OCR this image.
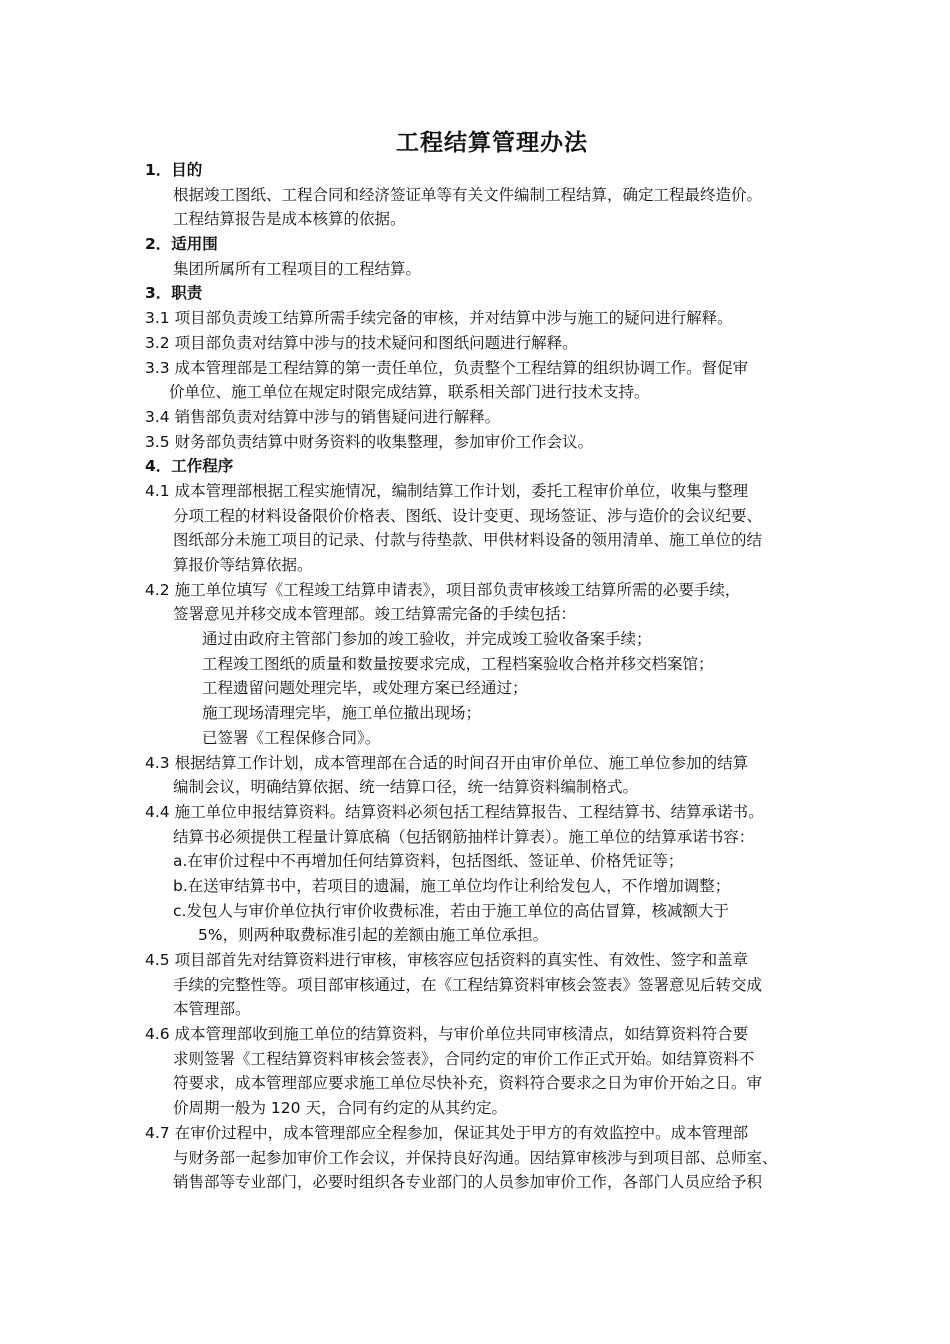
工程结算管理办法
1．目的
根据竣工图纸、工程合同和经济签证单等有关文件编制工程结算，确定工程最终造价。
工程结算报告是成本核算的依据。
2．适用围
集团所属所有工程项目的工程结算。
3．职责
3.1 项目部负责竣工结算所需手续完备的审核，并对结算中涉与施工的疑问进行解释。
3.2 项目部负责对结算中涉与的技术疑问和图纸问题进行解释。
3.3 成本管理部是工程结算的第一责任单位，负责整个工程结算的组织协调工作。督促审
价单位、施工单位在规定时限完成结算，联系相关部门进行技术支持。
3.4 销售部负责对结算中涉与的销售疑问进行解释。
3.5 财务部负责结算中财务资料的收集整理，参加审价工作会议。
4．工作程序
4.1 成本管理部根据工程实施情况，编制结算工作计划，委托工程审价单位，收集与整理
分项工程的材料设备限价价格表、图纸、设计变更、现场签证、涉与造价的会议纪要、
图纸部分未施工项目的记录、付款与待垫款、甲供材料设备的领用清单、施工单位的结
算报价等结算依据。
4.2 施工单位填写《工程竣工结算申请表》，项目部负责审核竣工结算所需的必要手续，
签署意见并移交成本管理部。竣工结算需完备的手续包括：
通过由政府主管部门参加的竣工验收，并完成竣工验收备案手续；
工程竣工图纸的质量和数量按要求完成，工程档案验收合格并移交档案馆；
工程遗留问题处理完毕，或处理方案已经通过；
施工现场清理完毕，施工单位撤出现场；
已签署《工程保修合同》。
4.3 根据结算工作计划，成本管理部在合适的时间召开由审价单位、施工单位参加的结算
编制会议，明确结算依据、统一结算口径，统一结算资料编制格式。
4.4 施工单位申报结算资料。结算资料必须包括工程结算报告、工程结算书、结算承诺书。
结算书必须提供工程量计算底稿（包括钢筋抽样计算表）。施工单位的结算承诺书容：
a.在审价过程中不再增加任何结算资料，包括图纸、签证单、价格凭证等；
b.在送审结算书中，若项目的遗漏，施工单位均作让利给发包人，不作增加调整；
c.发包人与审价单位执行审价收费标准，若由于施工单位的高估冒算，核减额大于
5%，则两种取费标准引起的差额由施工单位承担。
4.5 项目部首先对结算资料进行审核，审核容应包括资料的真实性、有效性、签字和盖章
手续的完整性等。项目部审核通过，在《工程结算资料审核会签表》签署意见后转交成
本管理部。
4.6 成本管理部收到施工单位的结算资料，与审价单位共同审核清点，如结算资料符合要
求则签署《工程结算资料审核会签表》，合同约定的审价工作正式开始。如结算资料不
符要求，成本管理部应要求施工单位尽快补充，资料符合要求之日为审价开始之日。审
价周期一般为 120 天，合同有约定的从其约定。
4.7 在审价过程中，成本管理部应全程参加，保证其处于甲方的有效监控中。成本管理部
与财务部一起参加审价工作会议，并保持良好沟通。因结算审核涉与到项目部、总师室、
销售部等专业部门，必要时组织各专业部门的人员参加审价工作，各部门人员应给予积
